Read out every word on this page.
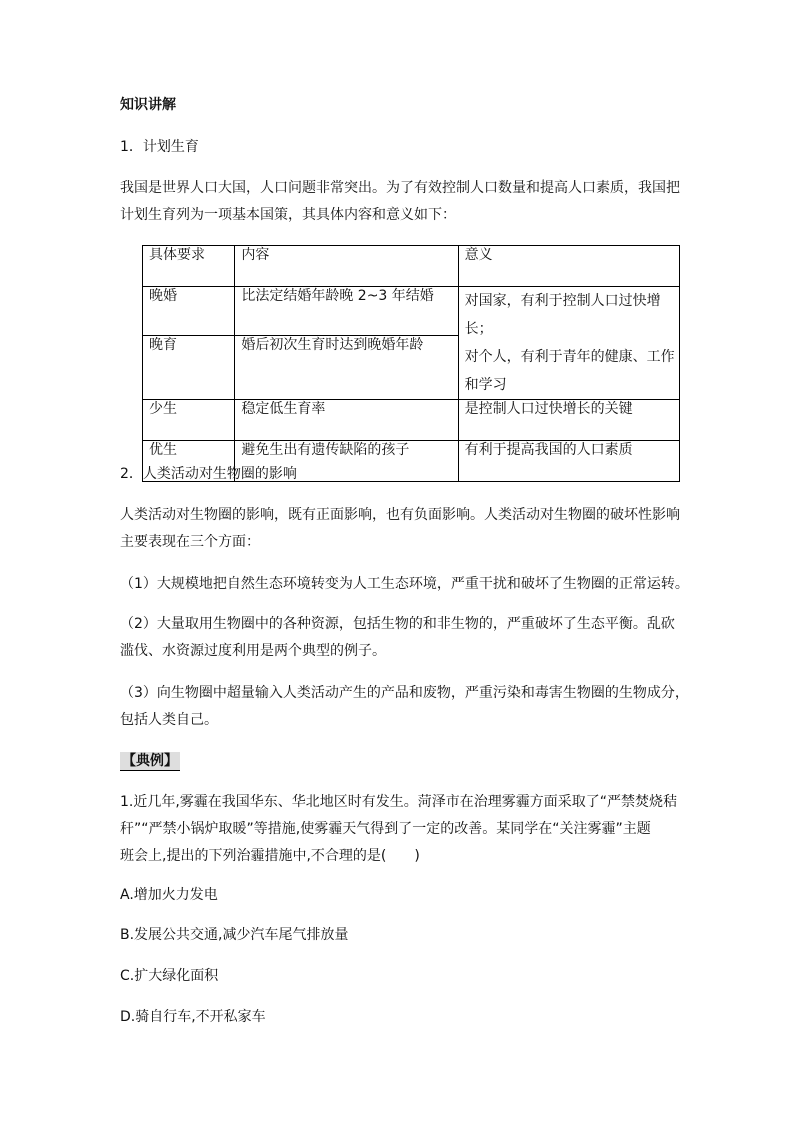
知识讲解
1．计划生育
我国是世界人口大国，人口问题非常突出。为了有效控制人口数量和提高人口素质，我国把
计划生育列为一项基本国策，其具体内容和意义如下：
具体要求	内容	意义
晚婚	比法定结婚年龄晚 2~3 年结婚	对国家，有利于控制人口过快增长；
对个人，有利于青年的健康、工作
和学习

晚育	婚后初次生育时达到晚婚年龄	
少生	稳定低生育率	是控制人口过快增长的关键
优生	避免生出有遗传缺陷的孩子	有利于提高我国的人口素质
2．人类活动对生物圈的影响
人类活动对生物圈的影响，既有正面影响，也有负面影响。人类活动对生物圈的破坏性影响
主要表现在三个方面：
（1）大规模地把自然生态环境转变为人工生态环境，严重干扰和破坏了生物圈的正常运转。
（2）大量取用生物圈中的各种资源，包括生物的和非生物的，严重破坏了生态平衡。乱砍
滥伐、水资源过度利用是两个典型的例子。
（3）向生物圈中超量输入人类活动产生的产品和废物，严重污染和毒害生物圈的生物成分，
包括人类自己。
【典例】
1.近几年,雾霾在我国华东、华北地区时有发生。菏泽市在治理雾霾方面采取了“严禁焚烧秸
秆”“严禁小锅炉取暖”等措施,使雾霾天气得到了一定的改善。某同学在“关注雾霾”主题
班会上,提出的下列治霾措施中,不合理的是(　　)
A.增加火力发电
B.发展公共交通,减少汽车尾气排放量
C.扩大绿化面积
D.骑自行车,不开私家车
